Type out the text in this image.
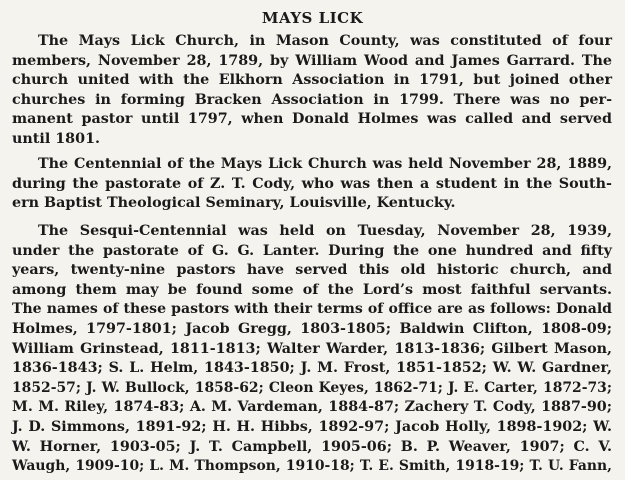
MAYS LICK
The Mays Lick Church, in Mason County, was constituted of four
members, November 28, 1789, by William Wood and James Garrard. The
church united with the Elkhorn Association in 1791, but joined other
churches in forming Bracken Association in 1799. There was no per-
manent pastor until 1797, when Donald Holmes was called and served
until 1801.
The Centennial of the Mays Lick Church was held November 28, 1889,
during the pastorate of Z. T. Cody, who was then a student in the South-
ern Baptist Theological Seminary, Louisville, Kentucky.
The Sesqui-Centennial was held on Tuesday, November 28, 1939,
under the pastorate of G. G. Lanter. During the one hundred and fifty
years, twenty-nine pastors have served this old historic church, and
among them may be found some of the Lord’s most faithful servants.
The names of these pastors with their terms of office are as follows: Donald
Holmes, 1797-1801; Jacob Gregg, 1803-1805; Baldwin Clifton, 1808-09;
William Grinstead, 1811-1813; Walter Warder, 1813-1836; Gilbert Mason,
1836-1843; S. L. Helm, 1843-1850; J. M. Frost, 1851-1852; W. W. Gardner,
1852-57; J. W. Bullock, 1858-62; Cleon Keyes, 1862-71; J. E. Carter, 1872-73;
M. M. Riley, 1874-83; A. M. Vardeman, 1884-87; Zachery T. Cody, 1887-90;
J. D. Simmons, 1891-92; H. H. Hibbs, 1892-97; Jacob Holly, 1898-1902; W.
W. Horner, 1903-05; J. T. Campbell, 1905-06; B. P. Weaver, 1907; C. V.
Waugh, 1909-10; L. M. Thompson, 1910-18; T. E. Smith, 1918-19; T. U. Fann,
